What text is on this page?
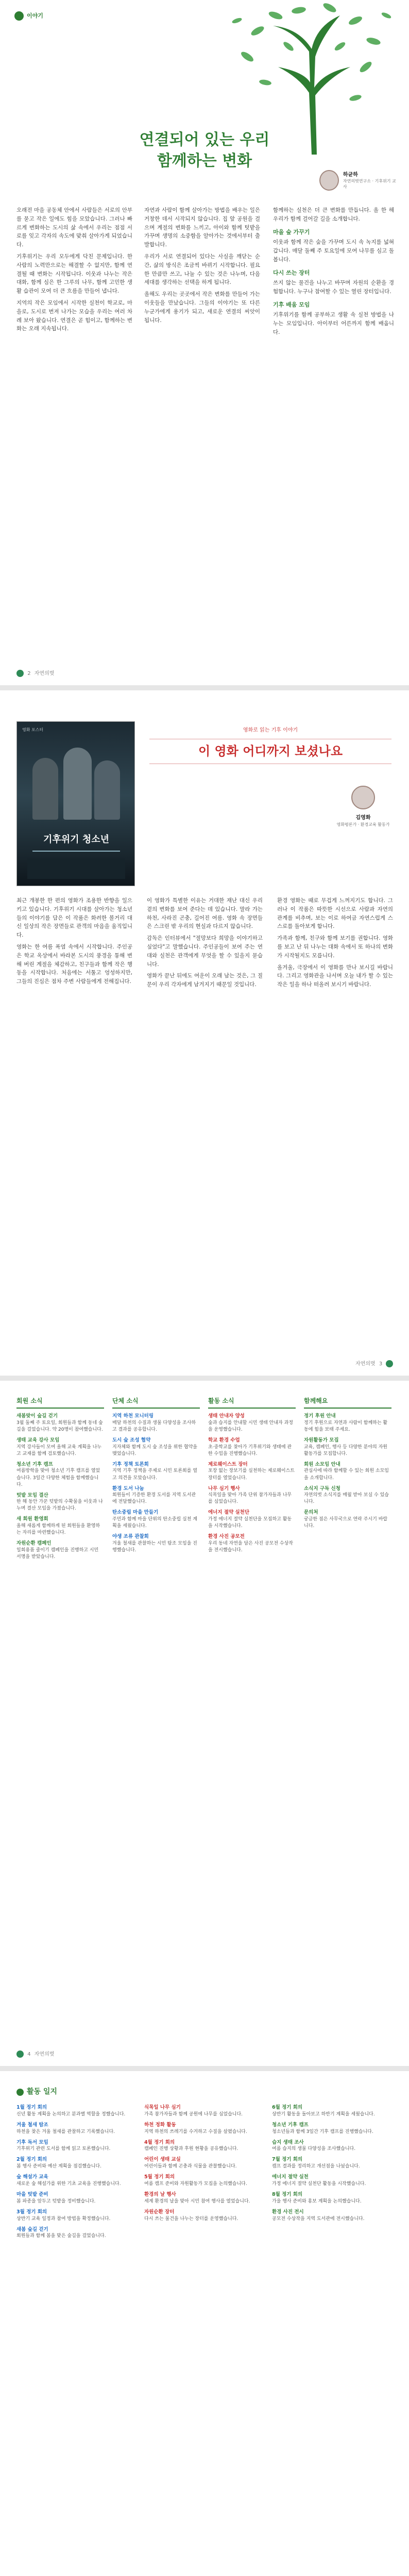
이야기
연결되어 있는 우리
함께하는 변화
하균하
자연의벗연구소 · 기후위기 교사

오래전 마을 공동체 안에서 사람들은 서로의 안부를 묻고 작은 일에도 힘을 모았습니다. 그러나 빠르게 변화하는 도시의 삶 속에서 우리는 점점 서로를 잊고 각자의 속도에 맞춰 살아가게 되었습니다.

기후위기는 우리 모두에게 닥친 문제입니다. 한 사람의 노력만으로는 해결할 수 없지만, 함께 연결될 때 변화는 시작됩니다. 이웃과 나누는 작은 대화, 함께 심은 한 그루의 나무, 함께 고민한 생활 습관이 모여 더 큰 흐름을 만들어 냅니다.

지역의 작은 모임에서 시작한 실천이 학교로, 마을로, 도시로 번져 나가는 모습을 우리는 여러 차례 보아 왔습니다. 연결은 곧 힘이고, 함께하는 변화는 오래 지속됩니다.

자연과 사람이 함께 살아가는 방법을 배우는 일은 거창한 데서 시작되지 않습니다. 집 앞 공원을 걸으며 계절의 변화를 느끼고, 아이와 함께 텃밭을 가꾸며 생명의 소중함을 알아가는 것에서부터 출발합니다.

우리가 서로 연결되어 있다는 사실을 깨닫는 순간, 삶의 방식은 조금씩 바뀌기 시작합니다. 필요한 만큼만 쓰고, 나눌 수 있는 것은 나누며, 다음 세대를 생각하는 선택을 하게 됩니다.

올해도 우리는 곳곳에서 작은 변화를 만들어 가는 이웃들을 만났습니다. 그들의 이야기는 또 다른 누군가에게 용기가 되고, 새로운 연결의 씨앗이 됩니다.

함께하는 실천은 더 큰 변화를 만듭니다. 올 한 해 우리가 함께 걸어갈 길을 소개합니다.

마을 숲 가꾸기

이웃과 함께 작은 숲을 가꾸며 도시 속 녹지를 넓혀 갑니다. 매달 둘째 주 토요일에 모여 나무를 심고 돌봅니다.

다시 쓰는 장터

쓰지 않는 물건을 나누고 바꾸며 자원의 순환을 경험합니다. 누구나 참여할 수 있는 열린 장터입니다.

기후 배움 모임

기후위기를 함께 공부하고 생활 속 실천 방법을 나누는 모임입니다. 아이부터 어른까지 함께 배웁니다.

2 자연의벗
영화 포스터
기후위기 청소년
영화로 읽는 기후 이야기
이 영화 어디까지 보셨나요
김영화
영화평론가 · 환경교육 활동가

최근 개봉한 한 편의 영화가 조용한 반향을 일으키고 있습니다. 기후위기 시대를 살아가는 청소년들의 이야기를 담은 이 작품은 화려한 볼거리 대신 일상의 작은 장면들로 관객의 마음을 움직입니다.

영화는 한 여름 폭염 속에서 시작합니다. 주인공은 학교 옥상에서 바라본 도시의 풍경을 통해 변해 버린 계절을 체감하고, 친구들과 함께 작은 행동을 시작합니다. 처음에는 서툴고 엉성하지만, 그들의 진심은 점차 주변 사람들에게 전해집니다.

이 영화가 특별한 이유는 거대한 재난 대신 우리 곁의 변화를 보여 준다는 데 있습니다. 말라 가는 하천, 사라진 곤충, 길어진 여름. 영화 속 장면들은 스크린 밖 우리의 현실과 다르지 않습니다.

감독은 인터뷰에서 "절망보다 희망을 이야기하고 싶었다"고 말했습니다. 주인공들이 보여 주는 연대와 실천은 관객에게 무엇을 할 수 있을지 묻습니다.

영화가 끝난 뒤에도 여운이 오래 남는 것은, 그 질문이 우리 각자에게 남겨지기 때문일 것입니다.

환경 영화는 때로 무겁게 느껴지기도 합니다. 그러나 이 작품은 따뜻한 시선으로 사람과 자연의 관계를 비추며, 보는 이로 하여금 자연스럽게 스스로를 돌아보게 합니다.

가족과 함께, 친구와 함께 보기를 권합니다. 영화를 보고 난 뒤 나누는 대화 속에서 또 하나의 변화가 시작될지도 모릅니다.

올겨울, 극장에서 이 영화를 만나 보시길 바랍니다. 그리고 영화관을 나서며 오늘 내가 할 수 있는 작은 일을 하나 떠올려 보시기 바랍니다.

자연의벗 3
회원 소식
새봄맞이 숲길 걷기
3월 둘째 주 토요일, 회원들과 함께 동네 숲길을 걸었습니다. 약 20명이 참여했습니다.
생태 교육 강사 모임
지역 강사들이 모여 올해 교육 계획을 나누고 교재를 함께 검토했습니다.
청소년 기후 캠프
여름방학을 맞아 청소년 기후 캠프를 열었습니다. 3일간 다양한 체험을 함께했습니다.
텃밭 모임 결산
한 해 동안 가꾼 텃밭의 수확물을 이웃과 나누며 결산 모임을 가졌습니다.
새 회원 환영회
올해 새롭게 함께하게 된 회원들을 환영하는 자리를 마련했습니다.
자원순환 캠페인
일회용품 줄이기 캠페인을 진행하고 시민 서명을 받았습니다.
단체 소식
지역 하천 모니터링
매달 하천의 수질과 생물 다양성을 조사하고 결과를 공유합니다.
도시 숲 조성 협약
지자체와 함께 도시 숲 조성을 위한 협약을 맺었습니다.
기후 정책 토론회
지역 기후 정책을 주제로 시민 토론회를 열고 의견을 모았습니다.
환경 도서 나눔
회원들이 기증한 환경 도서를 지역 도서관에 전달했습니다.
탄소중립 마을 만들기
주민과 함께 마을 단위의 탄소중립 실천 계획을 세웠습니다.
야생 조류 관찰회
겨울 철새를 관찰하는 시민 탐조 모임을 진행했습니다.
활동 소식
생태 안내자 양성
숲과 습지를 안내할 시민 생태 안내자 과정을 운영했습니다.
학교 환경 수업
초·중학교를 찾아가 기후위기와 생태에 관한 수업을 진행했습니다.
제로웨이스트 장터
포장 없는 장보기를 실천하는 제로웨이스트 장터를 열었습니다.
나무 심기 행사
식목일을 맞아 가족 단위 참가자들과 나무를 심었습니다.
에너지 절약 실천단
가정 에너지 절약 실천단을 모집하고 활동을 시작했습니다.
환경 사진 공모전
우리 동네 자연을 담은 사진 공모전 수상작을 전시했습니다.
함께해요
정기 후원 안내
정기 후원으로 자연과 사람이 함께하는 활동에 힘을 보태 주세요.
자원활동가 모집
교육, 캠페인, 행사 등 다양한 분야의 자원활동가를 모집합니다.
회원 소모임 안내
관심사에 따라 함께할 수 있는 회원 소모임을 소개합니다.
소식지 구독 신청
자연의벗 소식지를 매월 받아 보실 수 있습니다.
문의처
궁금한 점은 사무국으로 연락 주시기 바랍니다.
4 자연의벗
활동 일지
1월 정기 회의
신년 활동 계획을 논의하고 분과별 역할을 정했습니다.
겨울 철새 탐조
하천을 찾은 겨울 철새를 관찰하고 기록했습니다.
기후 독서 모임
기후위기 관련 도서를 함께 읽고 토론했습니다.
2월 정기 회의
봄 행사 준비와 예산 계획을 점검했습니다.
숲 해설가 교육
새로운 숲 해설가를 위한 기초 교육을 진행했습니다.
마을 텃밭 준비
봄 파종을 앞두고 텃밭을 정비했습니다.
3월 정기 회의
상반기 교육 일정과 참여 방법을 확정했습니다.
새봄 숲길 걷기
회원들과 함께 봄을 맞은 숲길을 걸었습니다.
식목일 나무 심기
가족 참가자들과 함께 공원에 나무를 심었습니다.
하천 정화 활동
지역 하천의 쓰레기를 수거하고 수질을 살폈습니다.
4월 정기 회의
캠페인 진행 상황과 후원 현황을 공유했습니다.
어린이 생태 교실
어린이들과 함께 곤충과 식물을 관찰했습니다.
5월 정기 회의
여름 캠프 준비와 자원활동가 모집을 논의했습니다.
환경의 날 행사
세계 환경의 날을 맞아 시민 참여 행사를 열었습니다.
자원순환 장터
다시 쓰는 물건을 나누는 장터를 운영했습니다.
6월 정기 회의
상반기 활동을 돌아보고 하반기 계획을 세웠습니다.
청소년 기후 캠프
청소년들과 함께 3일간 기후 캠프를 진행했습니다.
습지 생태 조사
여름 습지의 생물 다양성을 조사했습니다.
7월 정기 회의
캠프 결과를 정리하고 개선점을 나눴습니다.
에너지 절약 실천
가정 에너지 절약 실천단 활동을 시작했습니다.
8월 정기 회의
가을 행사 준비와 홍보 계획을 논의했습니다.
환경 사진 전시
공모전 수상작을 지역 도서관에 전시했습니다.
